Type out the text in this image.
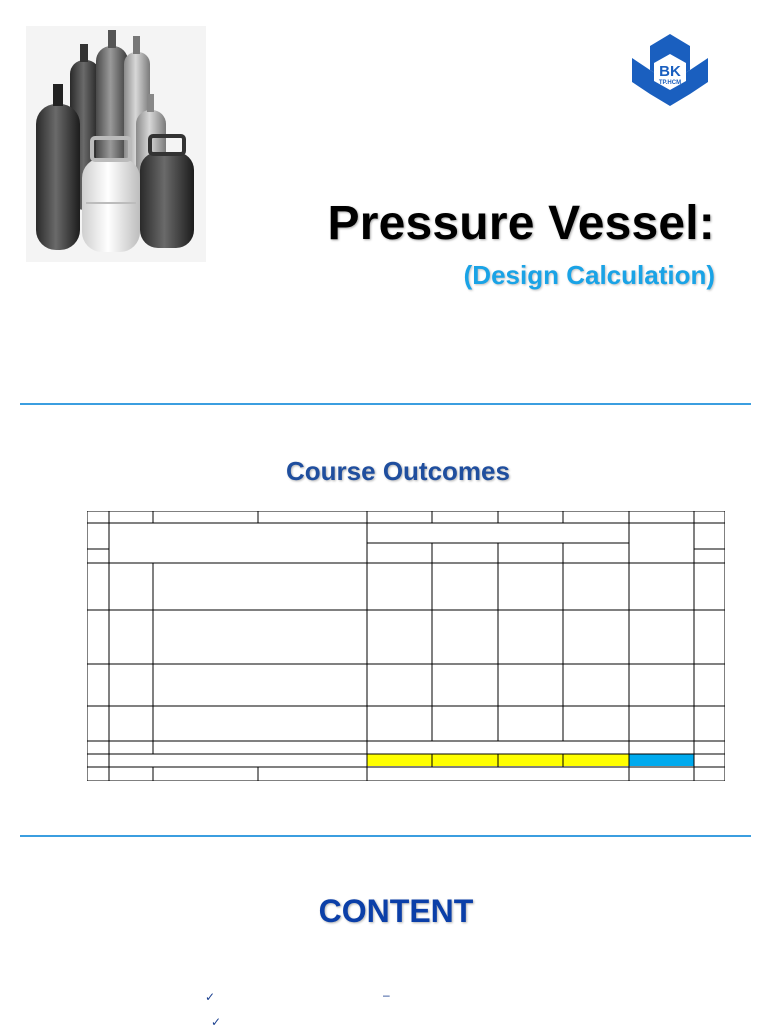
BK
TP.HCM
Pressure Vessel:
(Design Calculation)
Course Outcomes
CONTENT
✓	–
✓
